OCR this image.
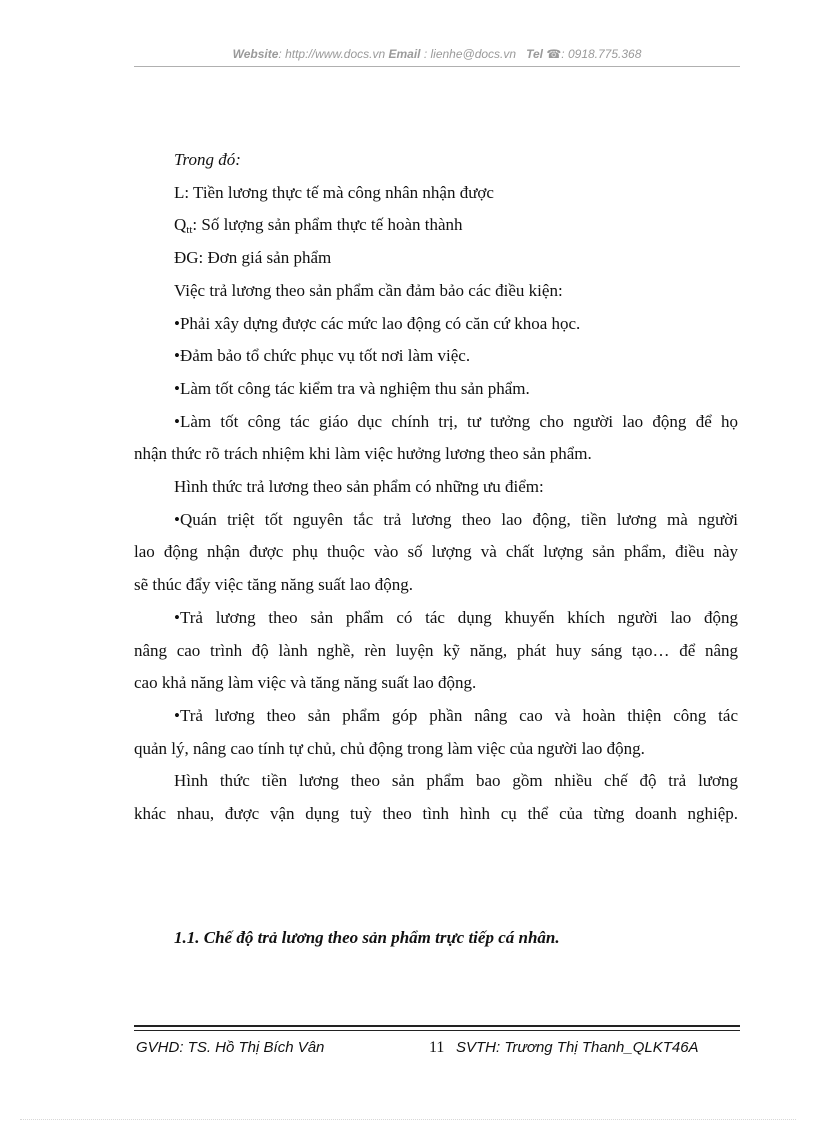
Website: http://www.docs.vn Email : lienhe@docs.vn Tel ☎: 0918.775.368

Trong đó:

L: Tiền lương thực tế mà công nhân nhận được

$Q_{tt}$: Số lượng sản phẩm thực tế hoàn thành

ĐG: Đơn giá sản phẩm

Việc trả lương theo sản phẩm cần đảm bảo các điều kiện:

•Phải xây dựng được các mức lao động có căn cứ khoa học.

•Đảm bảo tổ chức phục vụ tốt nơi làm việc.

•Làm tốt công tác kiểm tra và nghiệm thu sản phẩm.

•Làm tốt công tác giáo dục chính trị, tư tưởng cho người lao động để họ

nhận thức rõ trách nhiệm khi làm việc hưởng lương theo sản phẩm.

Hình thức trả lương theo sản phẩm có những ưu điểm:

•Quán triệt tốt nguyên tắc trả lương theo lao động, tiền lương mà người

lao động nhận được phụ thuộc vào số lượng và chất lượng sản phẩm, điều này

sẽ thúc đẩy việc tăng năng suất lao động.

•Trả lương theo sản phẩm có tác dụng khuyến khích người lao động

nâng cao trình độ lành nghề, rèn luyện kỹ năng, phát huy sáng tạo… để nâng

cao khả năng làm việc và tăng năng suất lao động.

•Trả lương theo sản phẩm góp phần nâng cao và hoàn thiện công tác

quản lý, nâng cao tính tự chủ, chủ động trong làm việc của người lao động.

Hình thức tiền lương theo sản phẩm bao gồm nhiều chế độ trả lương

khác nhau, được vận dụng tuỳ theo tình hình cụ thể của từng doanh nghiệp.

1.1. Chế độ trả lương theo sản phẩm trực tiếp cá nhân.
GVHD: TS. Hồ Thị Bích Vân	11 SVTH: Trương Thị Thanh_QLKT46A
